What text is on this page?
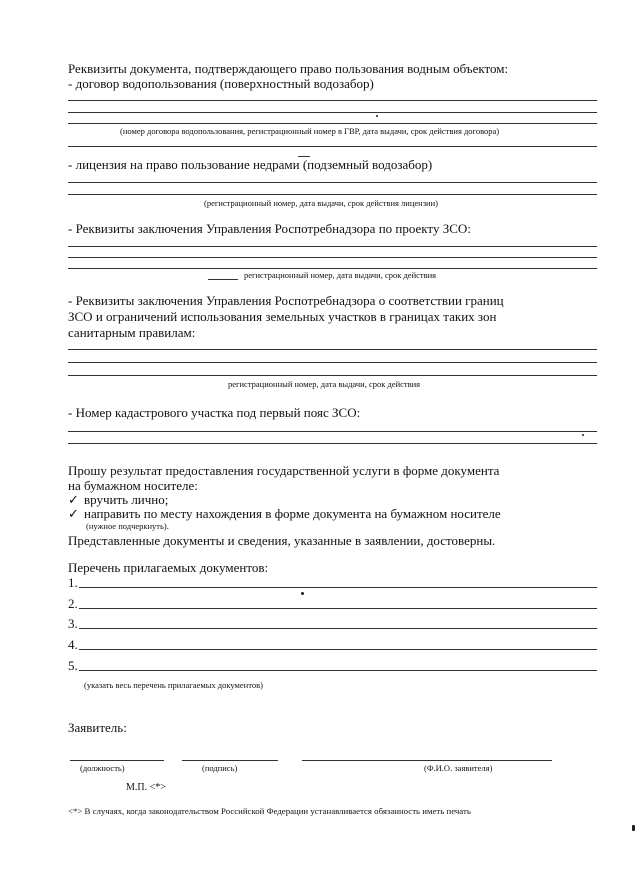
Реквизиты документа, подтверждающего право пользования водным объектом:
- договор водопользования (поверхностный водозабор)
(номер договора водопользования, регистрационный номер в ГВР, дата выдачи, срок действия договора)
- лицензия на право пользование недрами (подземный водозабор)
(регистрационный номер, дата выдачи, срок действия лицензии)
- Реквизиты заключения Управления Роспотребнадзора по проекту ЗСО:
регистрационный номер, дата выдачи, срок действия
- Реквизиты заключения Управления Роспотребнадзора о соответствии границ
ЗСО и ограничений использования земельных участков в границах таких зон
санитарным правилам:
регистрационный номер, дата выдачи, срок действия
- Номер кадастрового участка под первый пояс ЗСО:
Прошу результат предоставления государственной услуги в форме документа
на бумажном носителе:
✓ вручить лично;
✓ направить по месту нахождения в форме документа на бумажном носителе
(нужное подчеркнуть).
Представленные документы и сведения, указанные в заявлении, достоверны.
Перечень прилагаемых документов:
1.
2.
3.
4.
5.
(указать весь перечень прилагаемых документов)
Заявитель:
(должность)	(подпись)	(Ф.И.О. заявителя)
М.П. <*>
<*> В случаях, когда законодательством Российской Федерации устанавливается обязанность иметь печать
